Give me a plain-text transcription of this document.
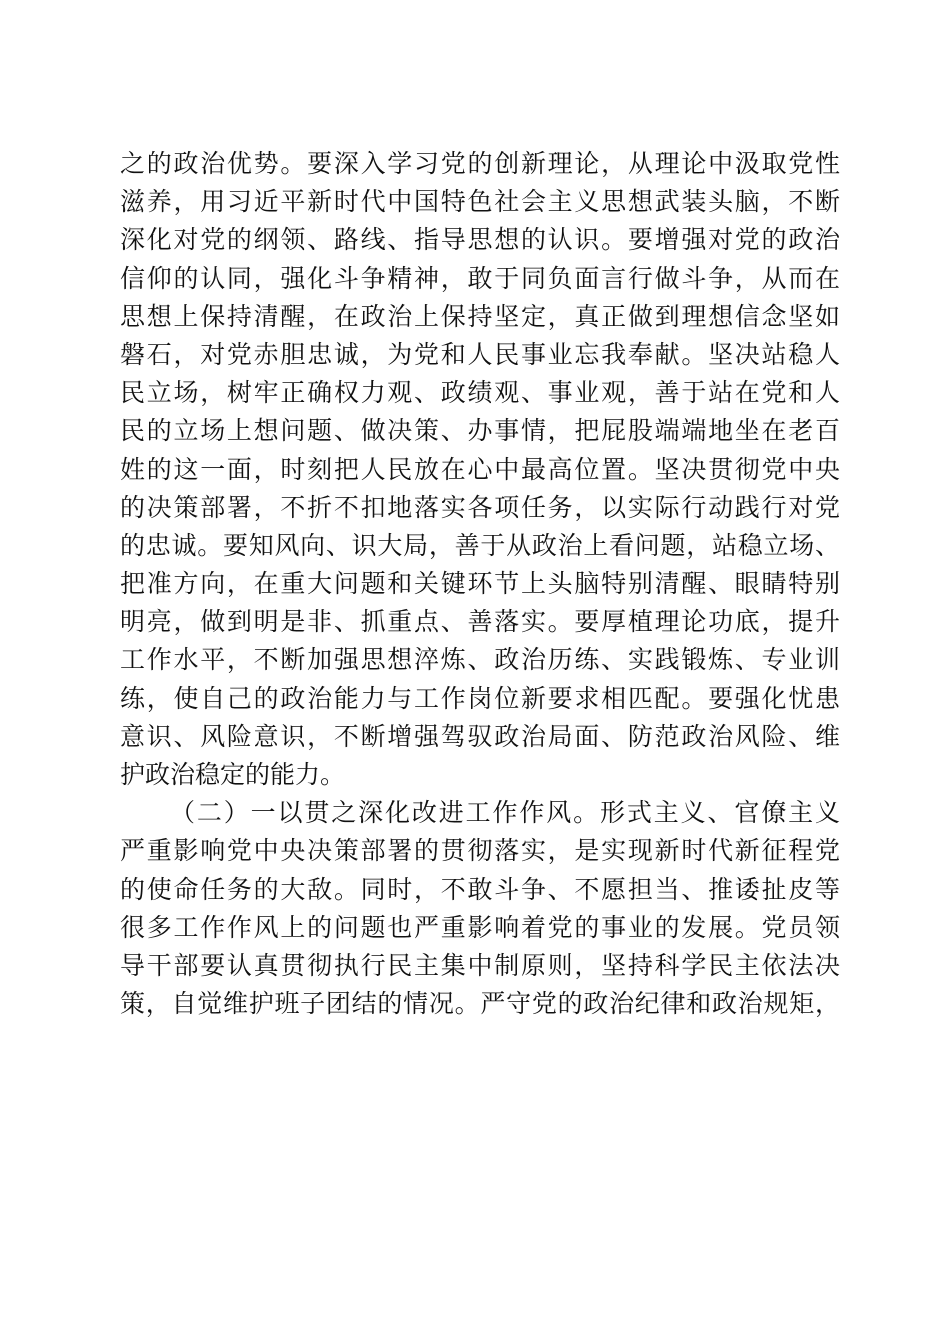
之的政治优势。要深入学习党的创新理论，从理论中汲取党性
滋养，用习近平新时代中国特色社会主义思想武装头脑，不断
深化对党的纲领、路线、指导思想的认识。要增强对党的政治
信仰的认同，强化斗争精神，敢于同负面言行做斗争，从而在
思想上保持清醒，在政治上保持坚定，真正做到理想信念坚如
磐石，对党赤胆忠诚，为党和人民事业忘我奉献。坚决站稳人
民立场，树牢正确权力观、政绩观、事业观，善于站在党和人
民的立场上想问题、做决策、办事情，把屁股端端地坐在老百
姓的这一面，时刻把人民放在心中最高位置。坚决贯彻党中央
的决策部署，不折不扣地落实各项任务，以实际行动践行对党
的忠诚。要知风向、识大局，善于从政治上看问题，站稳立场、
把准方向，在重大问题和关键环节上头脑特别清醒、眼睛特别
明亮，做到明是非、抓重点、善落实。要厚植理论功底，提升
工作水平，不断加强思想淬炼、政治历练、实践锻炼、专业训
练，使自己的政治能力与工作岗位新要求相匹配。要强化忧患
意识、风险意识，不断增强驾驭政治局面、防范政治风险、维
护政治稳定的能力。
（二）一以贯之深化改进工作作风。形式主义、官僚主义
严重影响党中央决策部署的贯彻落实，是实现新时代新征程党
的使命任务的大敌。同时，不敢斗争、不愿担当、推诿扯皮等
很多工作作风上的问题也严重影响着党的事业的发展。党员领
导干部要认真贯彻执行民主集中制原则，坚持科学民主依法决
策，自觉维护班子团结的情况。严守党的政治纪律和政治规矩，
